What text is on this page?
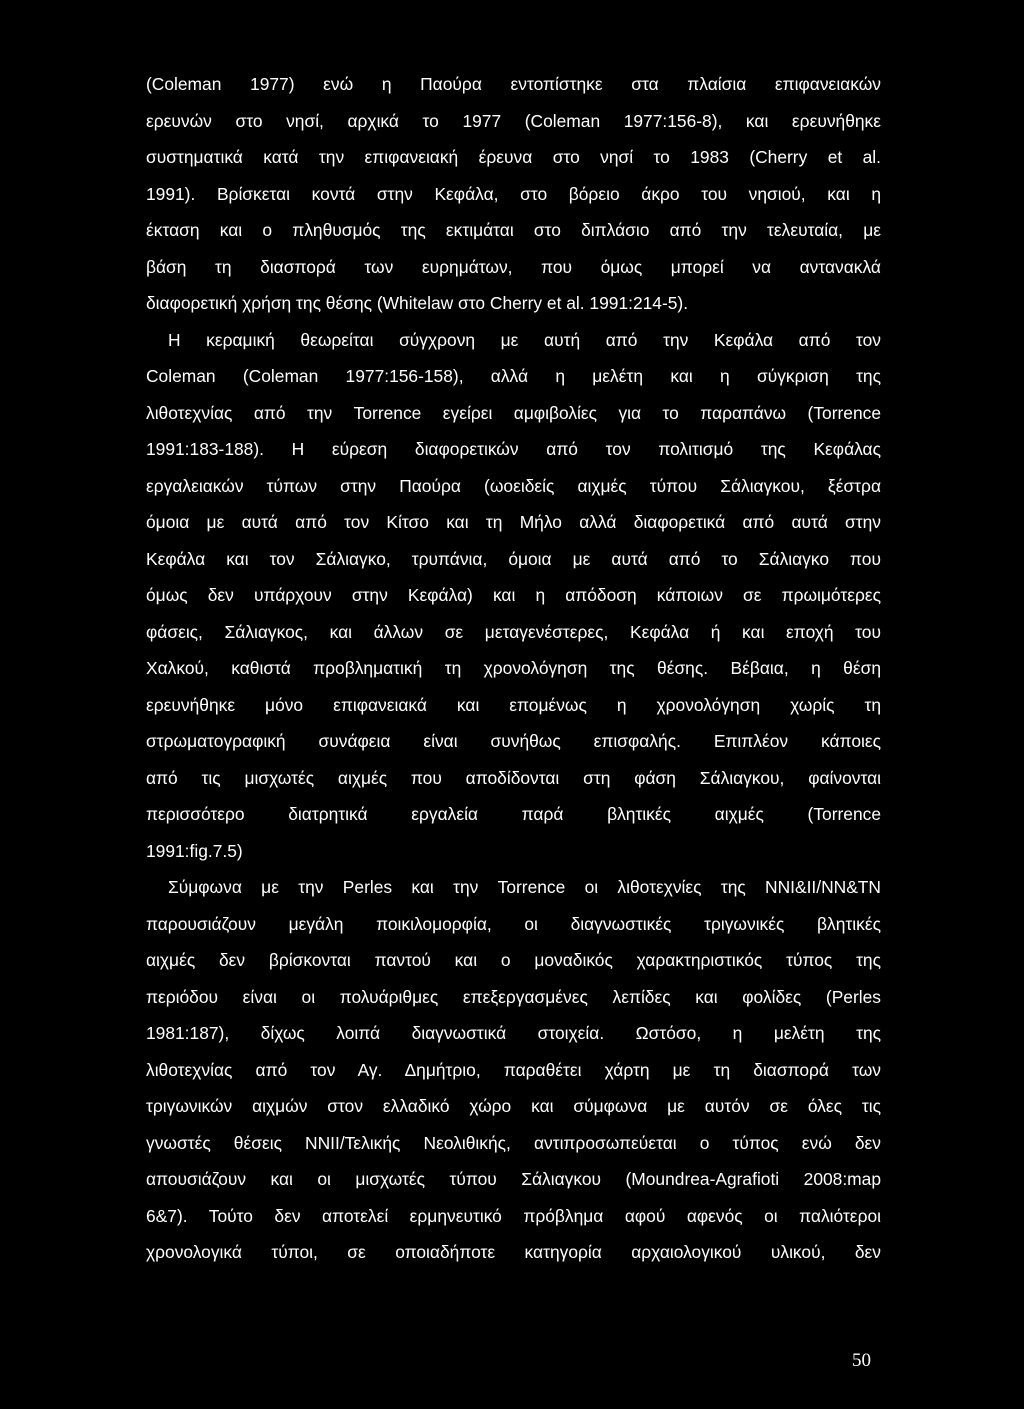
(Coleman 1977) ενώ η Παούρα εντοπίστηκε στα πλαίσια επιφανειακών
ερευνών στο νησί, αρχικά το 1977 (Coleman 1977:156-8), και ερευνήθηκε
συστηματικά κατά την επιφανειακή έρευνα στο νησί το 1983 (Cherry et al.
1991). Βρίσκεται κοντά στην Κεφάλα, στο βόρειο άκρο του νησιού, και η
έκταση και ο πληθυσμός της εκτιμάται στο διπλάσιο από την τελευταία, με
βάση τη διασπορά των ευρημάτων, που όμως μπορεί να αντανακλά
διαφορετική χρήση της θέσης (Whitelaw στο Cherry et al. 1991:214-5).
Η κεραμική θεωρείται σύγχρονη με αυτή από την Κεφάλα από τον
Coleman (Coleman 1977:156-158), αλλά η μελέτη και η σύγκριση της
λιθοτεχνίας από την Torrence εγείρει αμφιβολίες για το παραπάνω (Torrence
1991:183-188). Η εύρεση διαφορετικών από τον πολιτισμό της Κεφάλας
εργαλειακών τύπων στην Παούρα (ωοειδείς αιχμές τύπου Σάλιαγκου, ξέστρα
όμοια με αυτά από τον Κίτσο και τη Μήλο αλλά διαφορετικά από αυτά στην
Κεφάλα και τον Σάλιαγκο, τρυπάνια, όμοια με αυτά από το Σάλιαγκο που
όμως δεν υπάρχουν στην Κεφάλα) και η απόδοση κάποιων σε πρωιμότερες
φάσεις, Σάλιαγκος, και άλλων σε μεταγενέστερες, Κεφάλα ή και εποχή του
Χαλκού, καθιστά προβληματική τη χρονολόγηση της θέσης. Βέβαια, η θέση
ερευνήθηκε μόνο επιφανειακά και επομένως η χρονολόγηση χωρίς τη
στρωματογραφική συνάφεια είναι συνήθως επισφαλής. Επιπλέον κάποιες
από τις μισχωτές αιχμές που αποδίδονται στη φάση Σάλιαγκου, φαίνονται
περισσότερο διατρητικά εργαλεία παρά βλητικές αιχμές (Torrence
1991:fig.7.5)
Σύμφωνα με την Perles και την Torrence οι λιθοτεχνίες της NNI&II/NN&TN
παρουσιάζουν μεγάλη ποικιλομορφία, οι διαγνωστικές τριγωνικές βλητικές
αιχμές δεν βρίσκονται παντού και ο μοναδικός χαρακτηριστικός τύπος της
περιόδου είναι οι πολυάριθμες επεξεργασμένες λεπίδες και φολίδες (Perles
1981:187), δίχως λοιπά διαγνωστικά στοιχεία. Ωστόσο, η μελέτη της
λιθοτεχνίας από τον Αγ. Δημήτριο, παραθέτει χάρτη με τη διασπορά των
τριγωνικών αιχμών στον ελλαδικό χώρο και σύμφωνα με αυτόν σε όλες τις
γνωστές θέσεις NNII/Τελικής Νεολιθικής, αντιπροσωπεύεται ο τύπος ενώ δεν
απουσιάζουν και οι μισχωτές τύπου Σάλιαγκου (Moundrea-Agrafioti 2008:map
6&7). Τούτο δεν αποτελεί ερμηνευτικό πρόβλημα αφού αφενός οι παλιότεροι
χρονολογικά τύποι, σε οποιαδήποτε κατηγορία αρχαιολογικού υλικού, δεν
50
